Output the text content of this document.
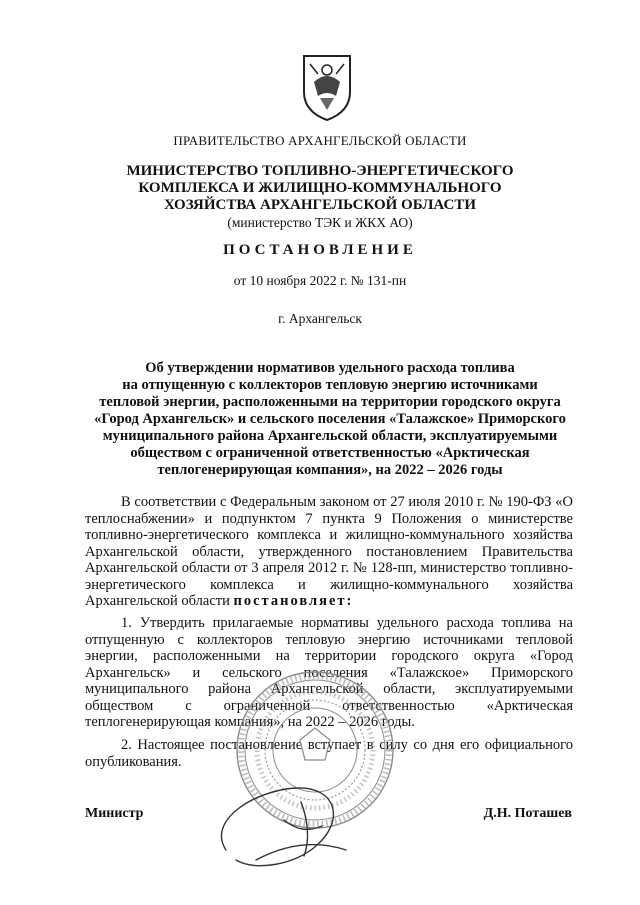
ПРАВИТЕЛЬСТВО АРХАНГЕЛЬСКОЙ ОБЛАСТИ
МИНИСТЕРСТВО ТОПЛИВНО-ЭНЕРГЕТИЧЕСКОГО
КОМПЛЕКСА И ЖИЛИЩНО-КОММУНАЛЬНОГО
ХОЗЯЙСТВА АРХАНГЕЛЬСКОЙ ОБЛАСТИ
(министерство ТЭК и ЖКХ АО)
ПОСТАНОВЛЕНИЕ
от 10 ноября 2022 г. № 131-пн
г. Архангельск
Об утверждении нормативов удельного расхода топлива
на отпущенную с коллекторов тепловую энергию источниками
тепловой энергии, расположенными на территории городского округа
«Город Архангельск» и сельского поселения «Талажское» Приморского
муниципального района Архангельской области, эксплуатируемыми
обществом с ограниченной ответственностью «Арктическая
теплогенерирующая компания», на 2022 – 2026 годы

В соответствии с Федеральным законом от 27 июля 2010 г. № 190-ФЗ «О теплоснабжении» и подпунктом 7 пункта 9 Положения о министерстве топливно-энергетического комплекса и жилищно-коммунального хозяйства Архангельской области, утвержденного постановлением Правительства Архангельской области от 3 апреля 2012 г. № 128-пп, министерство топливно-энергетического комплекса и жилищно-коммунального хозяйства Архангельской области постановляет:

1. Утвердить прилагаемые нормативы удельного расхода топлива на отпущенную с коллекторов тепловую энергию источниками тепловой энергии, расположенными на территории городского округа «Город Архангельск» и сельского поселения «Талажское» Приморского муниципального района Архангельской области, эксплуатируемыми обществом с ограниченной ответственностью «Арктическая теплогенерирующая компания», на 2022 – 2026 годы.

2. Настоящее постановление вступает в силу со дня его официального опубликования.

Министр	Д.Н. Поташев
